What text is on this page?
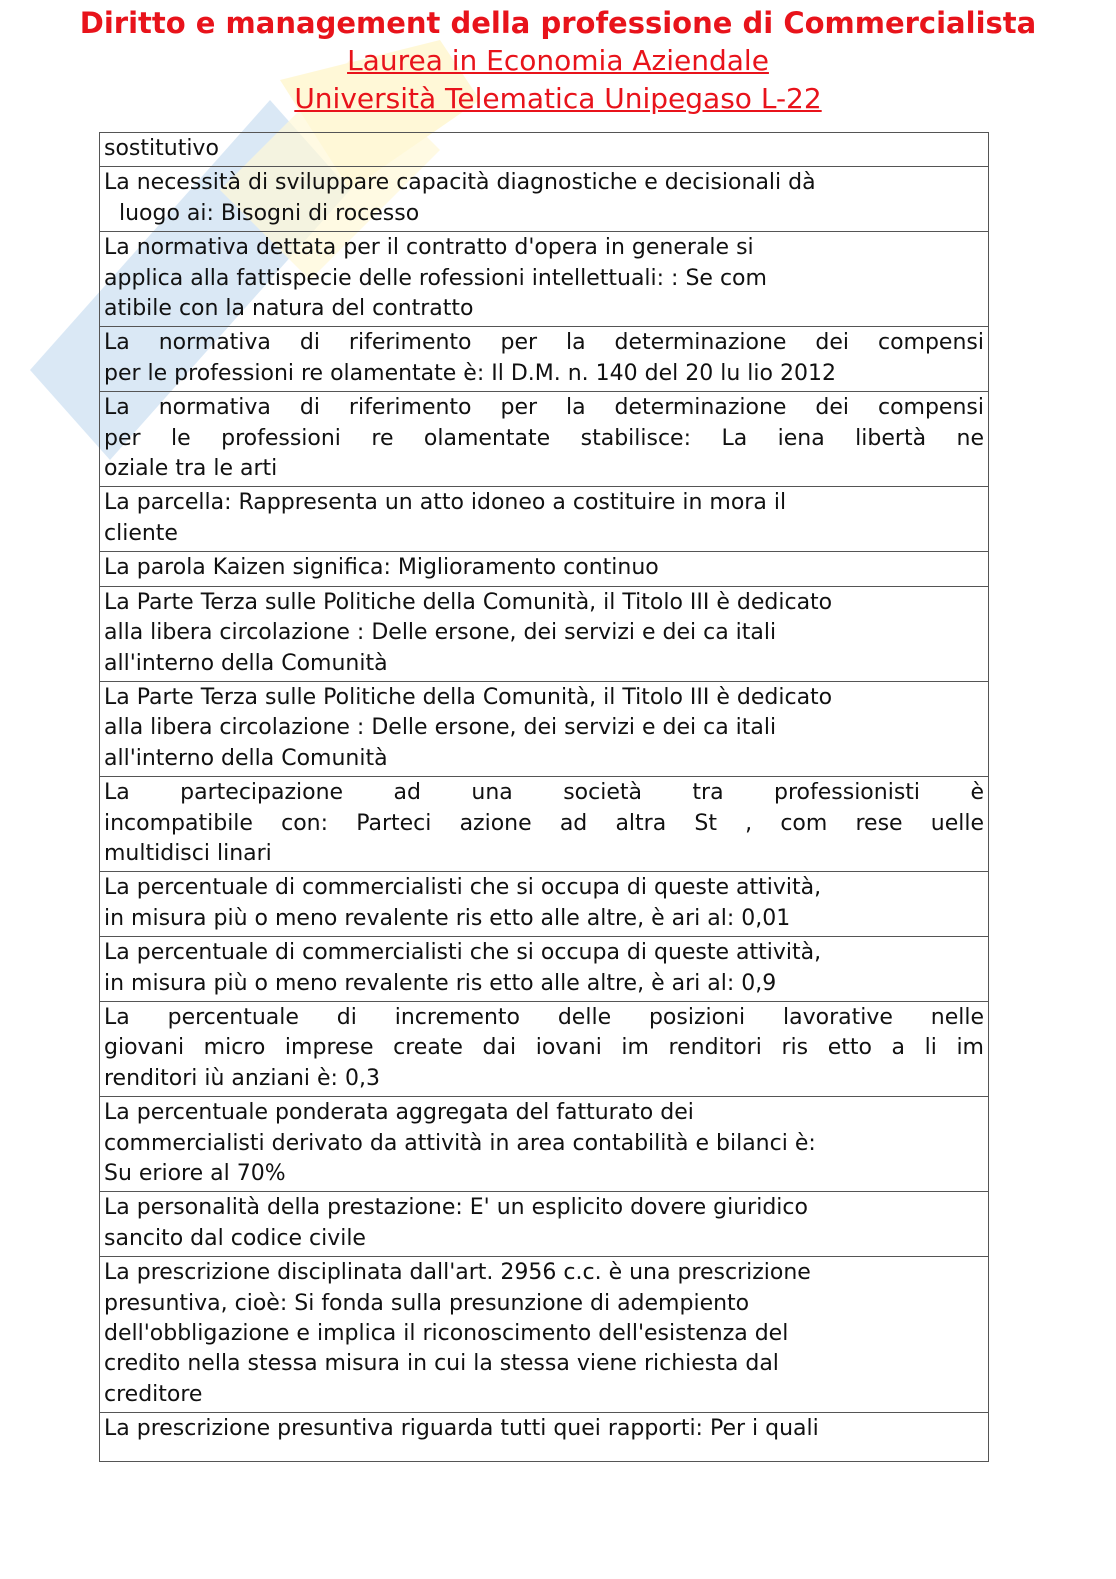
Diritto e management della professione di Commercialista
Laurea in Economia Aziendale
Università Telematica Unipegaso L-22
sostitutivo

La necessità di sviluppare capacità diagnostiche e decisionali dà
luogo ai: Bisogni di rocesso

La normativa dettata per il contratto d'opera in generale si
applica alla fattispecie delle rofessioni intellettuali: : Se com
atibile con la natura del contratto

La normativa di riferimento per la determinazione dei compensi
per le professioni re olamentate è: Il D.M. n. 140 del 20 lu lio 2012

La normativa di riferimento per la determinazione dei compensi
per le professioni re olamentate stabilisce: La iena libertà ne
oziale tra le arti

La parcella: Rappresenta un atto idoneo a costituire in mora il
cliente

La parola Kaizen significa: Miglioramento continuo

La Parte Terza sulle Politiche della Comunità, il Titolo III è dedicato
alla libera circolazione : Delle ersone, dei servizi e dei ca itali
all'interno della Comunità

La Parte Terza sulle Politiche della Comunità, il Titolo III è dedicato
alla libera circolazione : Delle ersone, dei servizi e dei ca itali
all'interno della Comunità

La partecipazione ad una società tra professionisti è
incompatibile con: Parteci azione ad altra St , com rese uelle
multidisci linari

La percentuale di commercialisti che si occupa di queste attività,
in misura più o meno revalente ris etto alle altre, è ari al: 0,01

La percentuale di commercialisti che si occupa di queste attività,
in misura più o meno revalente ris etto alle altre, è ari al: 0,9

La percentuale di incremento delle posizioni lavorative nelle
giovani micro imprese create dai iovani im renditori ris etto a li im
renditori iù anziani è: 0,3

La percentuale ponderata aggregata del fatturato dei
commercialisti derivato da attività in area contabilità e bilanci è:
Su eriore al 70%

La personalità della prestazione: E' un esplicito dovere giuridico
sancito dal codice civile

La prescrizione disciplinata dall'art. 2956 c.c. è una prescrizione
presuntiva, cioè: Si fonda sulla presunzione di adempiento
dell'obbligazione e implica il riconoscimento dell'esistenza del
credito nella stessa misura in cui la stessa viene richiesta dal
creditore

La prescrizione presuntiva riguarda tutti quei rapporti: Per i quali
